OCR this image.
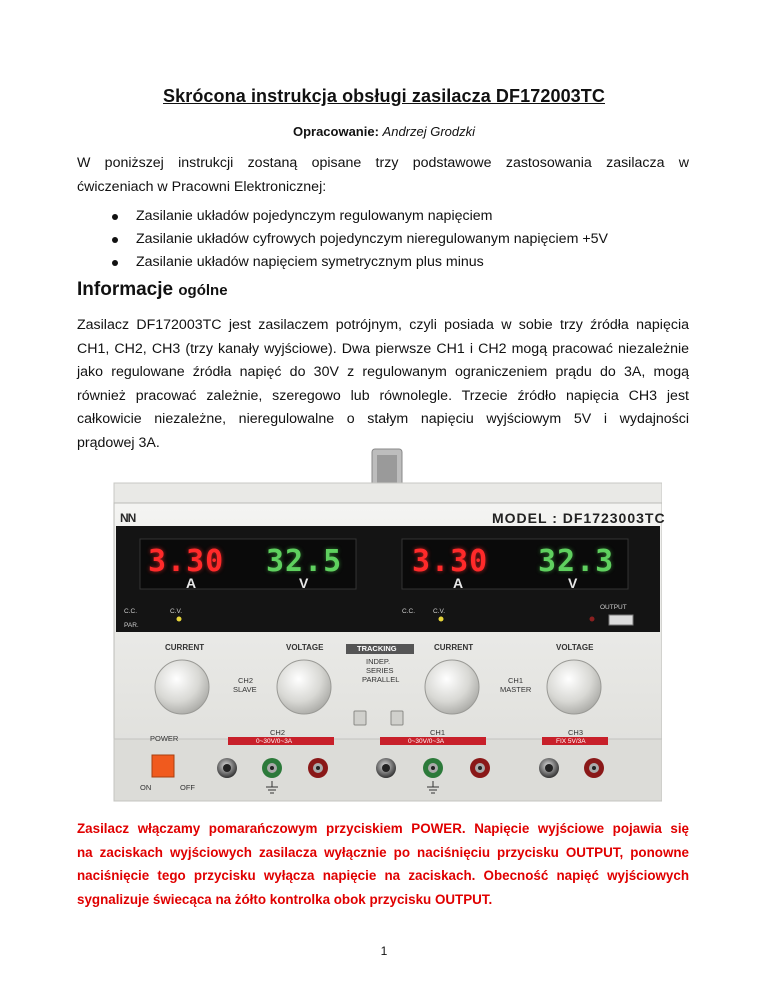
Skrócona instrukcja obsługi zasilacza DF172003TC
Opracowanie: Andrzej Grodzki
W poniższej instrukcji zostaną opisane trzy podstawowe zastosowania zasilacza w
ćwiczeniach w Pracowni Elektronicznej:
Zasilanie układów pojedynczym regulowanym napięciem
Zasilanie układów cyfrowych pojedynczym nieregulowanym napięciem +5V
Zasilanie układów napięciem symetrycznym plus minus
Informacje ogólne
Zasilacz DF172003TC jest zasilaczem potrójnym, czyli posiada w sobie trzy źródła napięcia
CH1, CH2, CH3 (trzy kanały wyjściowe). Dwa pierwsze CH1 i CH2 mogą pracować niezależnie
jako regulowane źródła napięć do 30V z regulowanym ograniczeniem prądu do 3A, mogą
również pracować zależnie, szeregowo lub równolegle. Trzecie źródło napięcia CH3 jest
całkowicie niezależne, nieregulowalne o stałym napięciu wyjściowym 5V i wydajności
prądowej 3A.
NN	MODEL : DF1723003TC
3.30 32.5 3.30 32.3
A	V	A	V
C.C.	C.V.
PAR.
C.C.	C.V.
OUTPUT
CURRENT	VOLTAGE	CURRENT	VOLTAGE
TRACKING
INDEP.
SERIES
PARALLEL
CH2
SLAVE
CH1
MASTER
CH2	CH1	CH3
0~30V/0~3A	0~30V/0~3A	FIX 5V/3A
POWER
ON	OFF
Zasilacz włączamy pomarańczowym przyciskiem POWER. Napięcie wyjściowe pojawia się
na zaciskach wyjściowych zasilacza wyłącznie po naciśnięciu przycisku OUTPUT, ponowne
naciśnięcie tego przycisku wyłącza napięcie na zaciskach. Obecność napięć wyjściowych
sygnalizuje świecąca na żółto kontrolka obok przycisku OUTPUT.
1
